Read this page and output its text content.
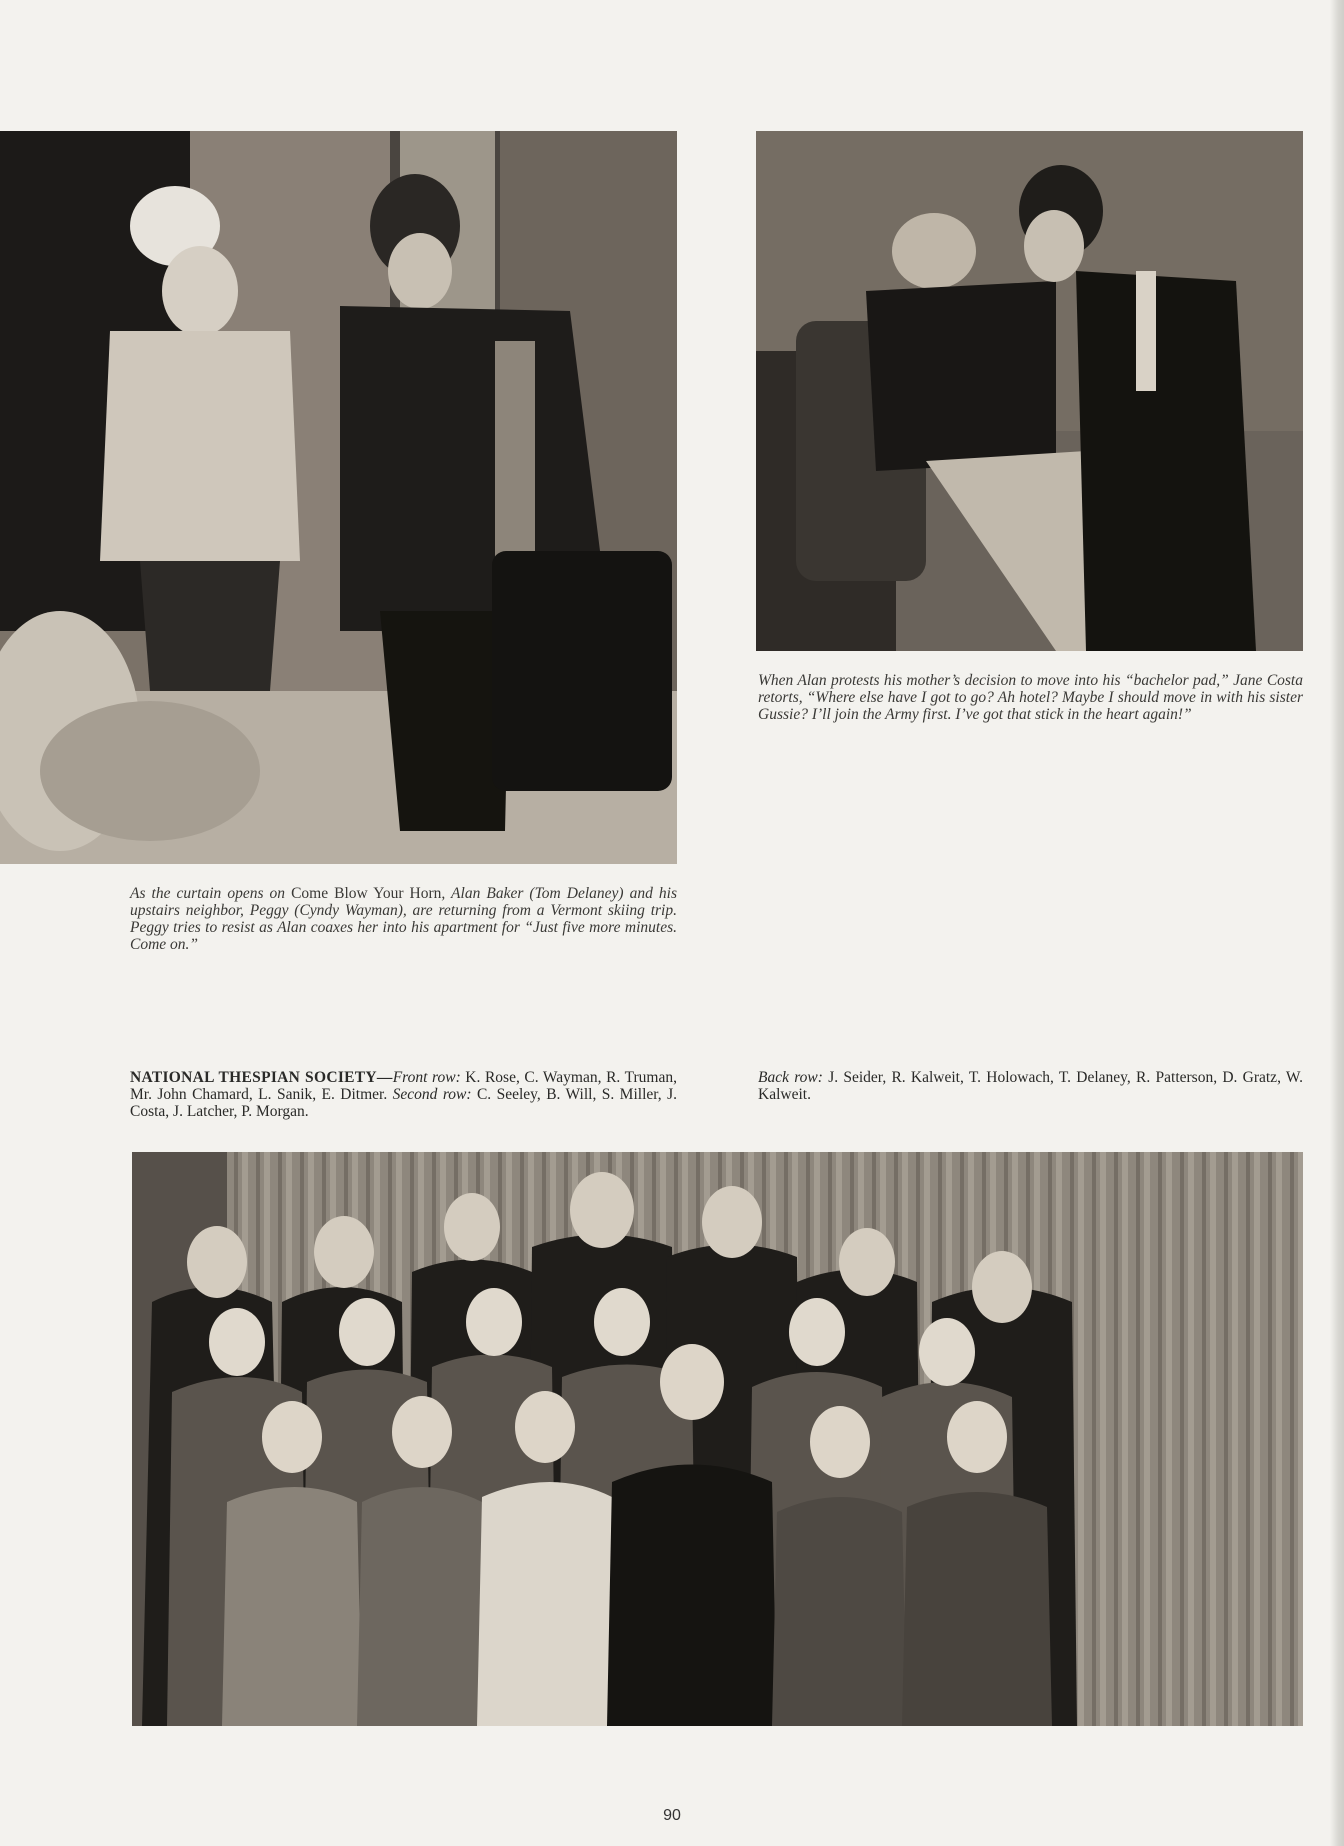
When Alan protests his mother’s decision to move into his “bachelor pad,” Jane Costa retorts, “Where else have I got to go? Ah hotel? Maybe I should move in with his sister Gussie? I’ll join the Army first. I’ve got that stick in the heart again!”
As the curtain opens on Come Blow Your Horn, Alan Baker (Tom Delaney) and his upstairs neighbor, Peggy (Cyndy Wayman), are returning from a Vermont skiing trip. Peggy tries to resist as Alan coaxes her into his apartment for “Just five more minutes. Come on.”
NATIONAL THESPIAN SOCIETY—Front row: K. Rose, C. Wayman, R. Truman, Mr. John Chamard, L. Sanik, E. Ditmer. Second row: C. Seeley, B. Will, S. Miller, J. Costa, J. Latcher, P. Morgan.
Back row: J. Seider, R. Kalweit, T. Holowach, T. Delaney, R. Patterson, D. Gratz, W. Kalweit.
90
